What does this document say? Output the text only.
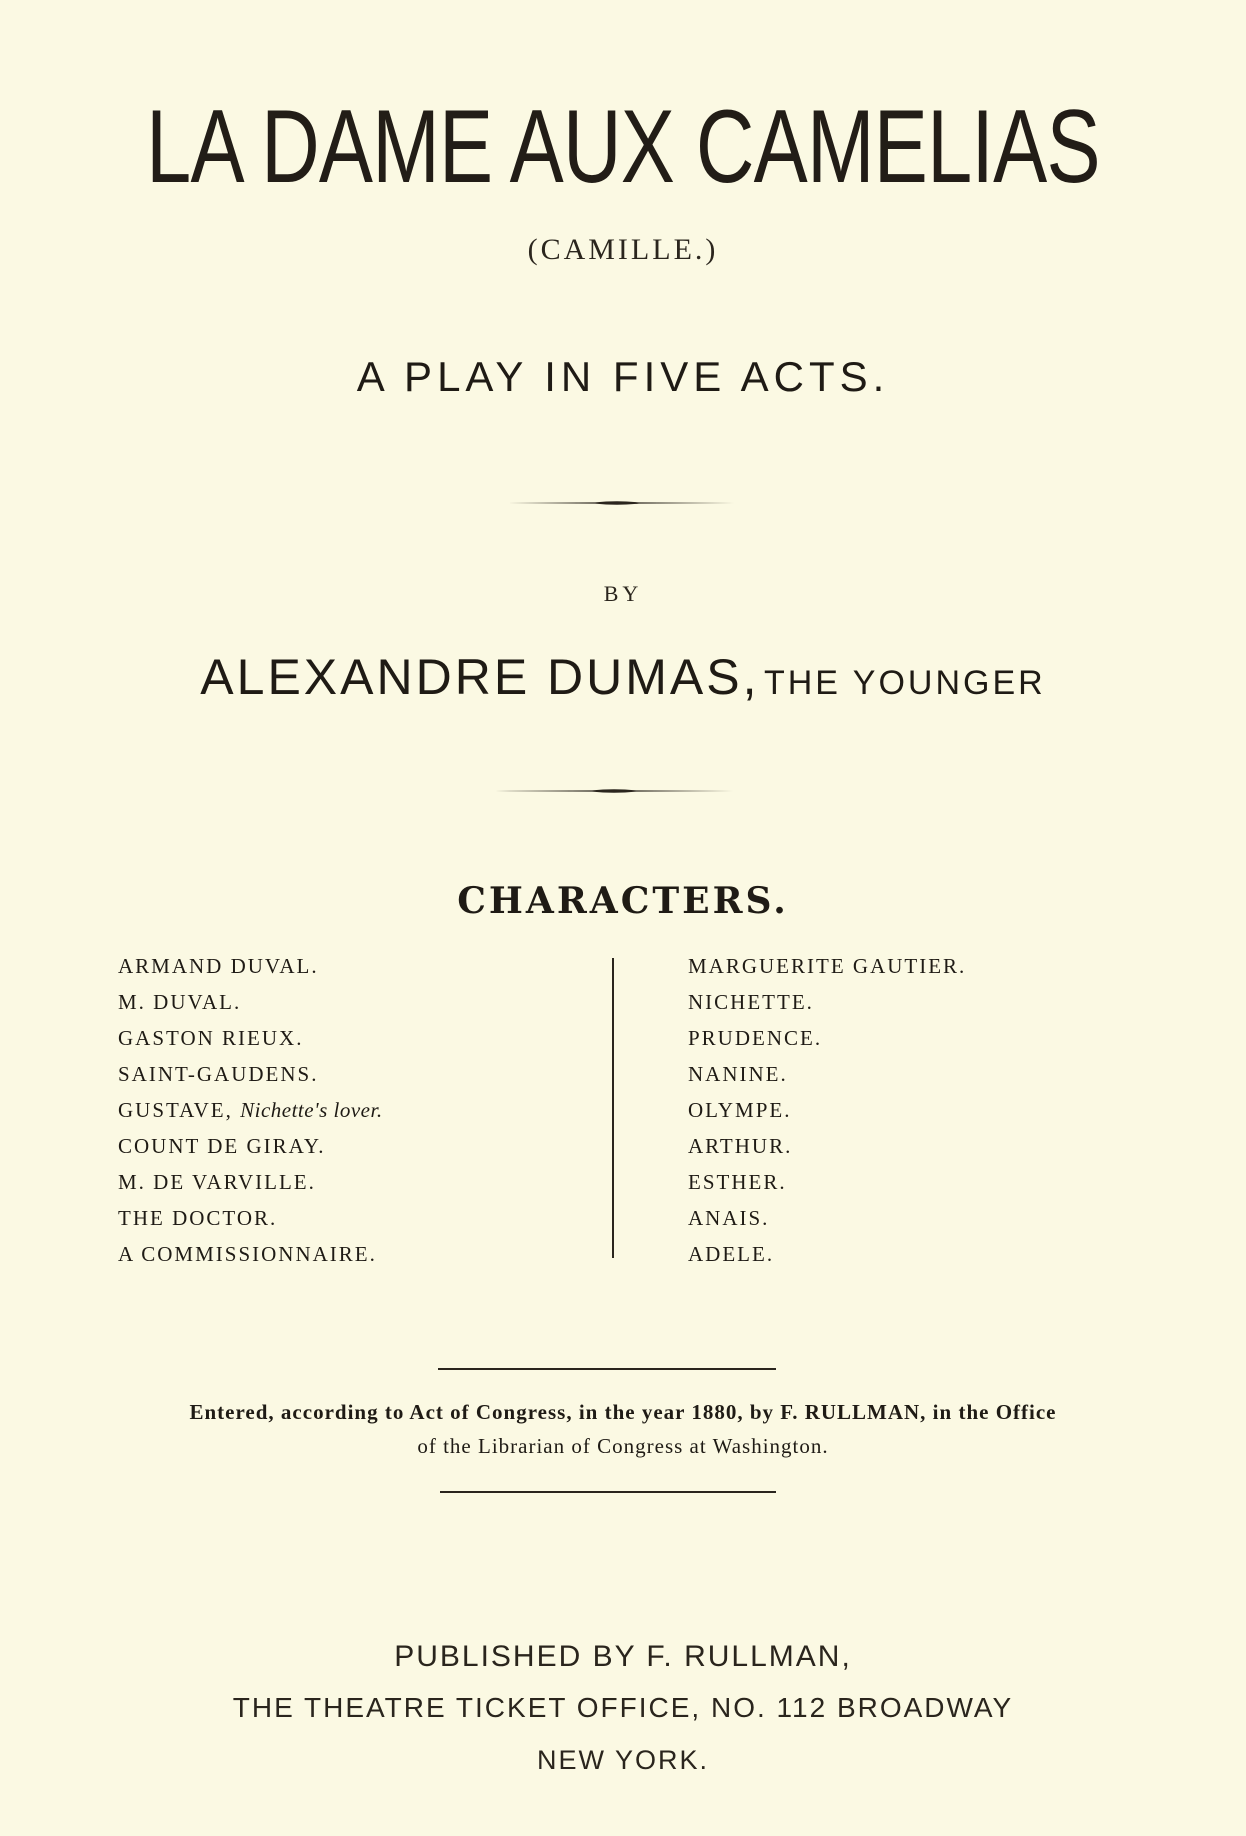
LA DAME AUX CAMELIAS
(CAMILLE.)
A PLAY IN FIVE ACTS.
BY
ALEXANDRE DUMAS, THE YOUNGER
CHARACTERS.
ARMAND DUVAL.
M. DUVAL.
GASTON RIEUX.
SAINT-GAUDENS.
GUSTAVE, Nichette's lover.
COUNT DE GIRAY.
M. DE VARVILLE.
THE DOCTOR.
A COMMISSIONNAIRE.
MARGUERITE GAUTIER.
NICHETTE.
PRUDENCE.
NANINE.
OLYMPE.
ARTHUR.
ESTHER.
ANAIS.
ADELE.
Entered, according to Act of Congress, in the year 1880, by F. RULLMAN, in the Office
of the Librarian of Congress at Washington.
PUBLISHED BY F. RULLMAN,
THE THEATRE TICKET OFFICE, NO. 112 BROADWAY
NEW YORK.
